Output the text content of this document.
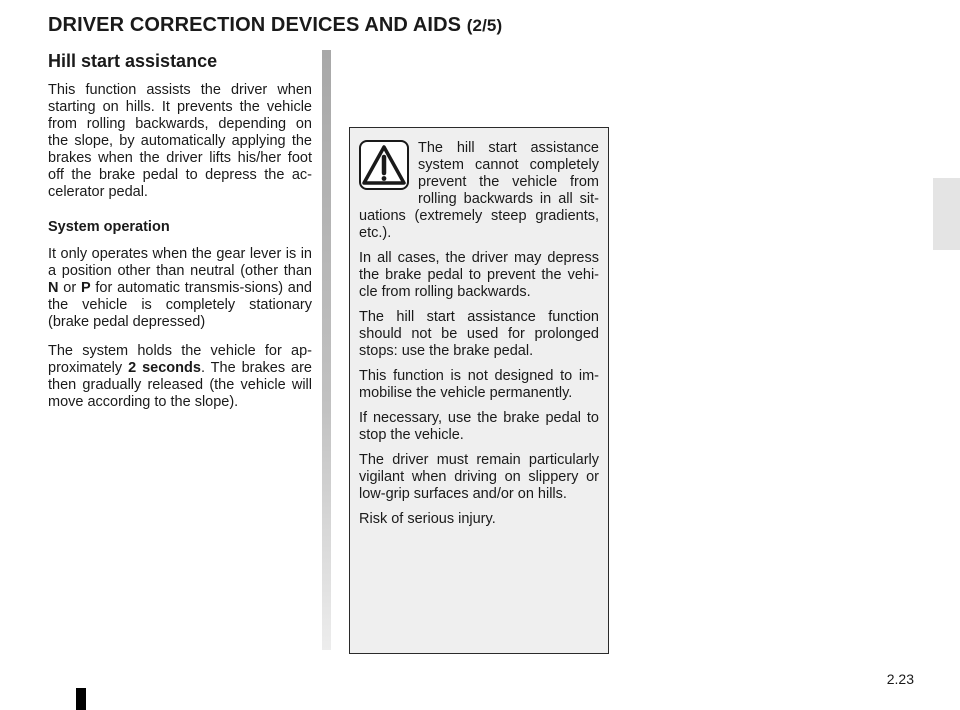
DRIVER CORRECTION DEVICES AND AIDS (2/5)
Hill start assistance

This function assists the driver when starting on hills. It prevents the vehicle from rolling backwards, depending on the slope, by automatically applying the brakes when the driver lifts his/her foot off the brake pedal to depress the ac-celerator pedal.

System operation

It only operates when the gear lever is in a position other than neutral (other than N or P for automatic transmis-sions) and the vehicle is completely stationary (brake pedal depressed)

The system holds the vehicle for ap-proximately 2 seconds. The brakes are then gradually released (the vehicle will move according to the slope).

The hill start assistance system cannot completely prevent the vehicle from rolling backwards in all sit-uations (extremely steep gradients, etc.).

In all cases, the driver may depress the brake pedal to prevent the vehi-cle from rolling backwards.

The hill start assistance function should not be used for prolonged stops: use the brake pedal.

This function is not designed to im-mobilise the vehicle permanently.

If necessary, use the brake pedal to stop the vehicle.

The driver must remain particularly vigilant when driving on slippery or low-grip surfaces and/or on hills.

Risk of serious injury.

2.23
